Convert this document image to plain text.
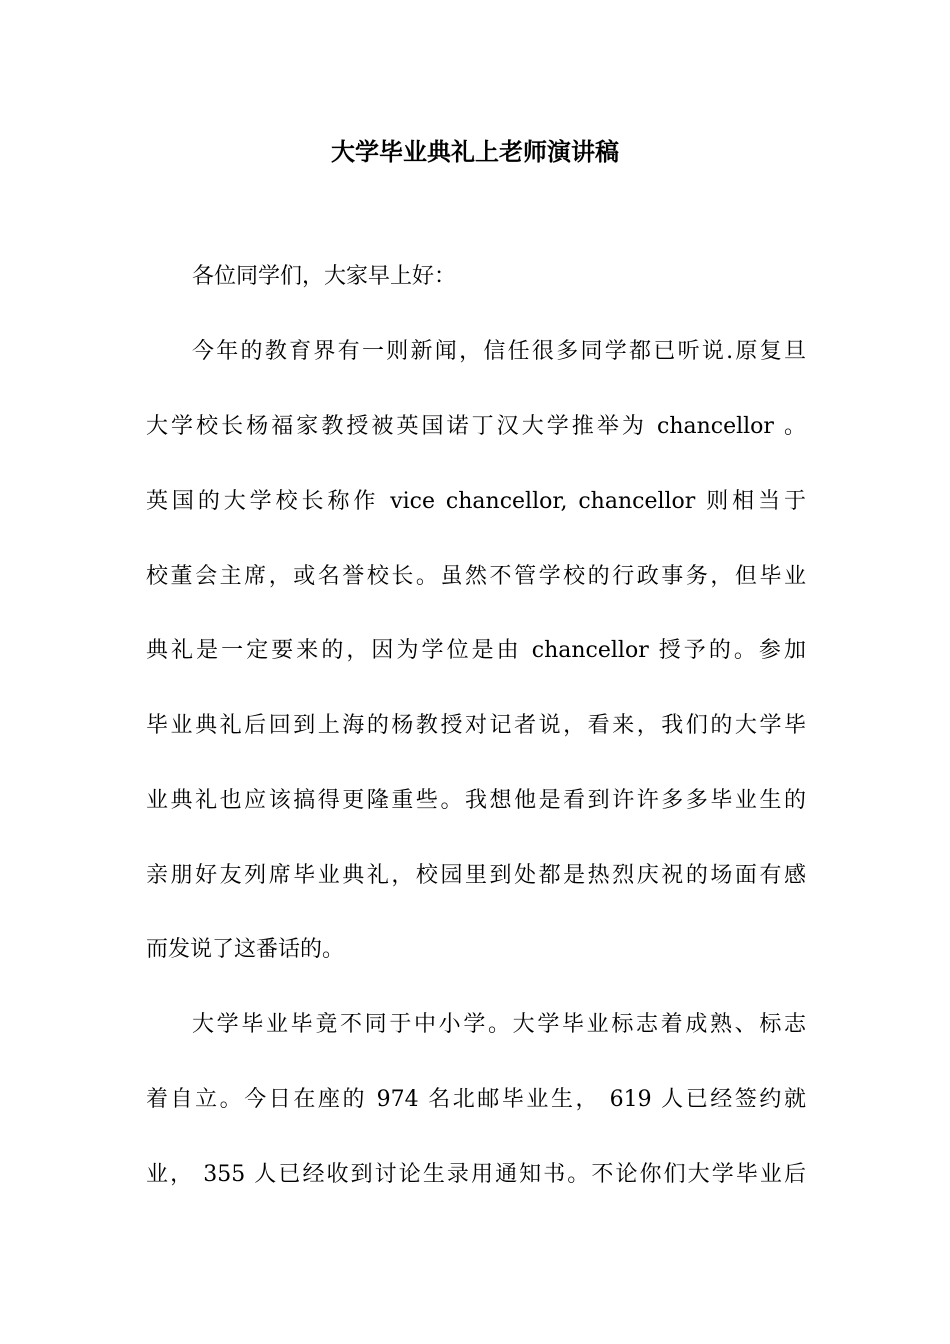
大学毕业典礼上老师演讲稿

各位同学们，大家早上好：

今年的教育界有一则新闻，信任很多同学都已听说.原复旦

大学校长杨福家教授被英国诺丁汉大学推举为 chancellor 。

英国的大学校长称作 vice chancellor, chancellor 则相当于

校董会主席，或名誉校长。虽然不管学校的行政事务，但毕业

典礼是一定要来的，因为学位是由 chancellor 授予的。参加

毕业典礼后回到上海的杨教授对记者说，看来，我们的大学毕

业典礼也应该搞得更隆重些。我想他是看到许许多多毕业生的

亲朋好友列席毕业典礼，校园里到处都是热烈庆祝的场面有感

而发说了这番话的。

大学毕业毕竟不同于中小学。大学毕业标志着成熟、标志

着自立。今日在座的 974 名北邮毕业生， 619 人已经签约就

业， 355 人已经收到讨论生录用通知书。不论你们大学毕业后
